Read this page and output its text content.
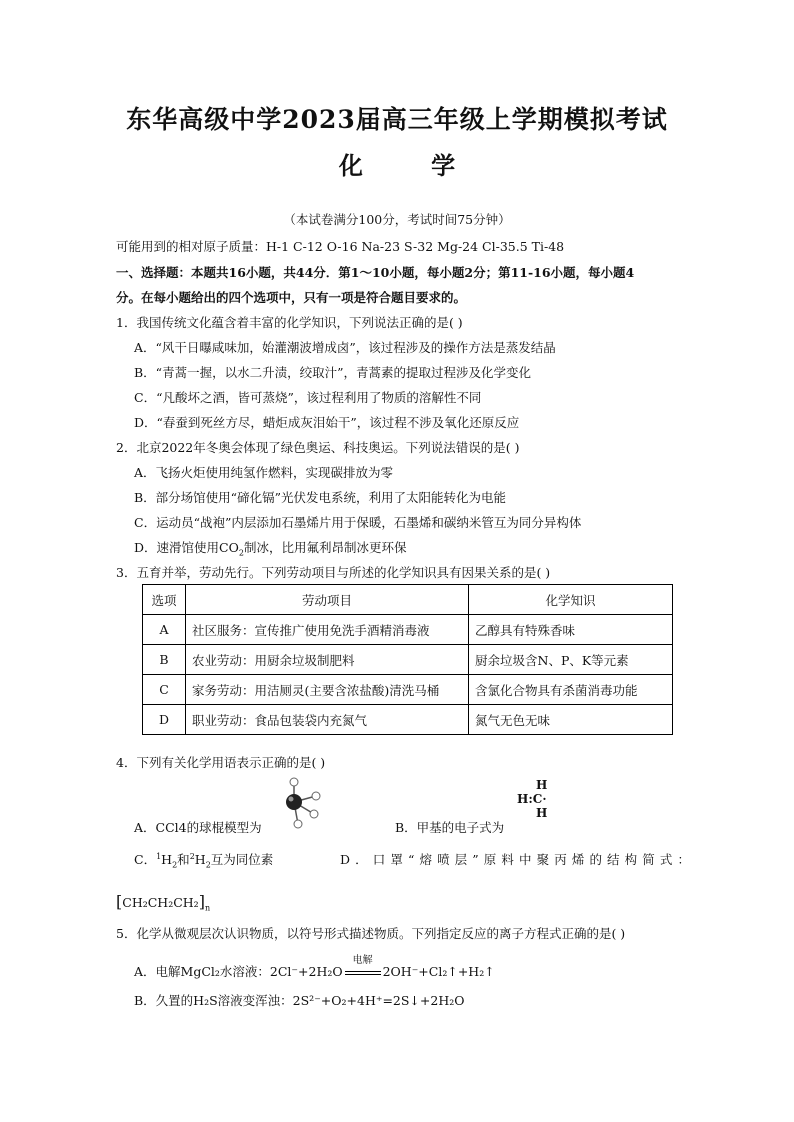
东华高级中学2023届高三年级上学期模拟考试
化 学
（本试卷满分100分，考试时间75分钟）
可能用到的相对原子质量：H-1 C-12 O-16 Na-23 S-32 Mg-24 Cl-35.5 Ti-48
一、选择题：本题共16小题，共44分．第1～10小题，每小题2分；第11-16小题，每小题4
分。在每小题给出的四个选项中，只有一项是符合题目要求的。
1．我国传统文化蕴含着丰富的化学知识，下列说法正确的是( )
A．“风干日曝咸味加，始灌潮波增成卤”，该过程涉及的操作方法是蒸发结晶
B．“青蒿一握，以水二升渍，绞取汁”，青蒿素的提取过程涉及化学变化
C．“凡酸坏之酒，皆可蒸烧”，该过程利用了物质的溶解性不同
D．“春蚕到死丝方尽，蜡炬成灰泪始干”，该过程不涉及氧化还原反应
2．北京2022年冬奥会体现了绿色奥运、科技奥运。下列说法错误的是( )
A．飞扬火炬使用纯氢作燃料，实现碳排放为零
B．部分场馆使用“碲化镉”光伏发电系统，利用了太阳能转化为电能
C．运动员“战袍”内层添加石墨烯片用于保暖，石墨烯和碳纳米管互为同分异构体
D．速滑馆使用$CO_2$制冰，比用氟利昂制冰更环保
3．五育并举，劳动先行。下列劳动项目与所述的化学知识具有因果关系的是( )
选项	劳动项目	化学知识
A	社区服务：宣传推广使用免洗手酒精消毒液	乙醇具有特殊香味
B	农业劳动：用厨余垃圾制肥料	厨余垃圾含N、P、K等元素
C	家务劳动：用洁厕灵(主要含浓盐酸)清洗马桶	含氯化合物具有杀菌消毒功能
D	职业劳动：食品包装袋内充氮气	氮气无色无味
4．下列有关化学用语表示正确的是( )
A．CCl4的球棍模型为	B．甲基的电子式为
H
H:C·
H
C．$^1H_2$和$^2H_2$互为同位素	D．口罩“熔喷层”原料中聚丙烯的结构简式：
$[CH_2CH_2CH_2]_n$
5．化学从微观层次认识物质，以符号形式描述物质。下列指定反应的离子方程式正确的是( )
A．电解MgCl₂水溶液：2Cl⁻+2H₂O
电解
2OH⁻+Cl₂↑+H₂↑
B．久置的H₂S溶液变浑浊：2S²⁻+O₂+4H⁺=2S↓+2H₂O
